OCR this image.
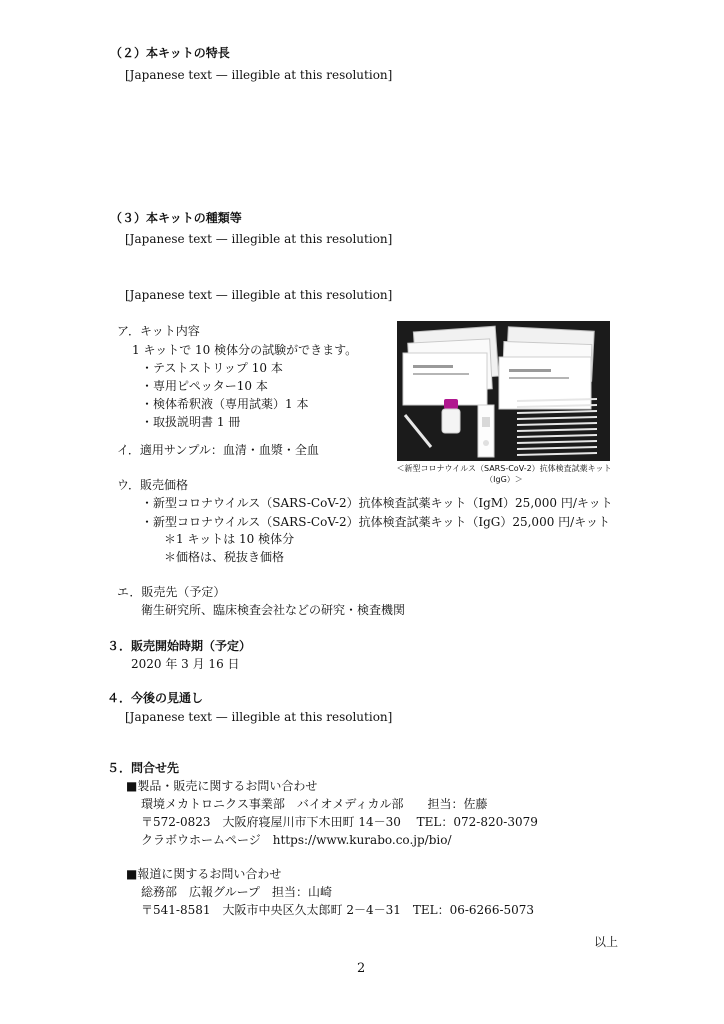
（２）本キットの特長

[Japanese text — illegible at this resolution]

（３）本キットの種類等

[Japanese text — illegible at this resolution]

[Japanese text — illegible at this resolution]

ア．キット内容
1 キットで 10 検体分の試験ができます。
・テストストリップ 10 本
・専用ピペッター10 本
・検体希釈液（専用試薬）1 本
・取扱説明書 1 冊
＜新型コロナウイルス（SARS-CoV-2）抗体検査試薬キット（IgG）＞
イ．適用サンプル：血清・血漿・全血
ウ．販売価格
・新型コロナウイルス（SARS-CoV-2）抗体検査試薬キット（IgM）25,000 円/キット
・新型コロナウイルス（SARS-CoV-2）抗体検査試薬キット（IgG）25,000 円/キット
＊1 キットは 10 検体分
＊価格は、税抜き価格
エ．販売先（予定）
衛生研究所、臨床検査会社などの研究・検査機関
３．販売開始時期（予定）
2020 年 3 月 16 日
４．今後の見通し

[Japanese text — illegible at this resolution]

５．問合せ先
■製品・販売に関するお問い合わせ
環境メカトロニクス事業部　バイオメディカル部　　担当：佐藤
〒572-0823　大阪府寝屋川市下木田町 14－30　 TEL：072-820-3079
クラボウホームページ　https://www.kurabo.co.jp/bio/
■報道に関するお問い合わせ
総務部　広報グループ　担当：山崎
〒541-8581　大阪市中央区久太郎町 2－4－31　TEL：06-6266-5073
以上
2
